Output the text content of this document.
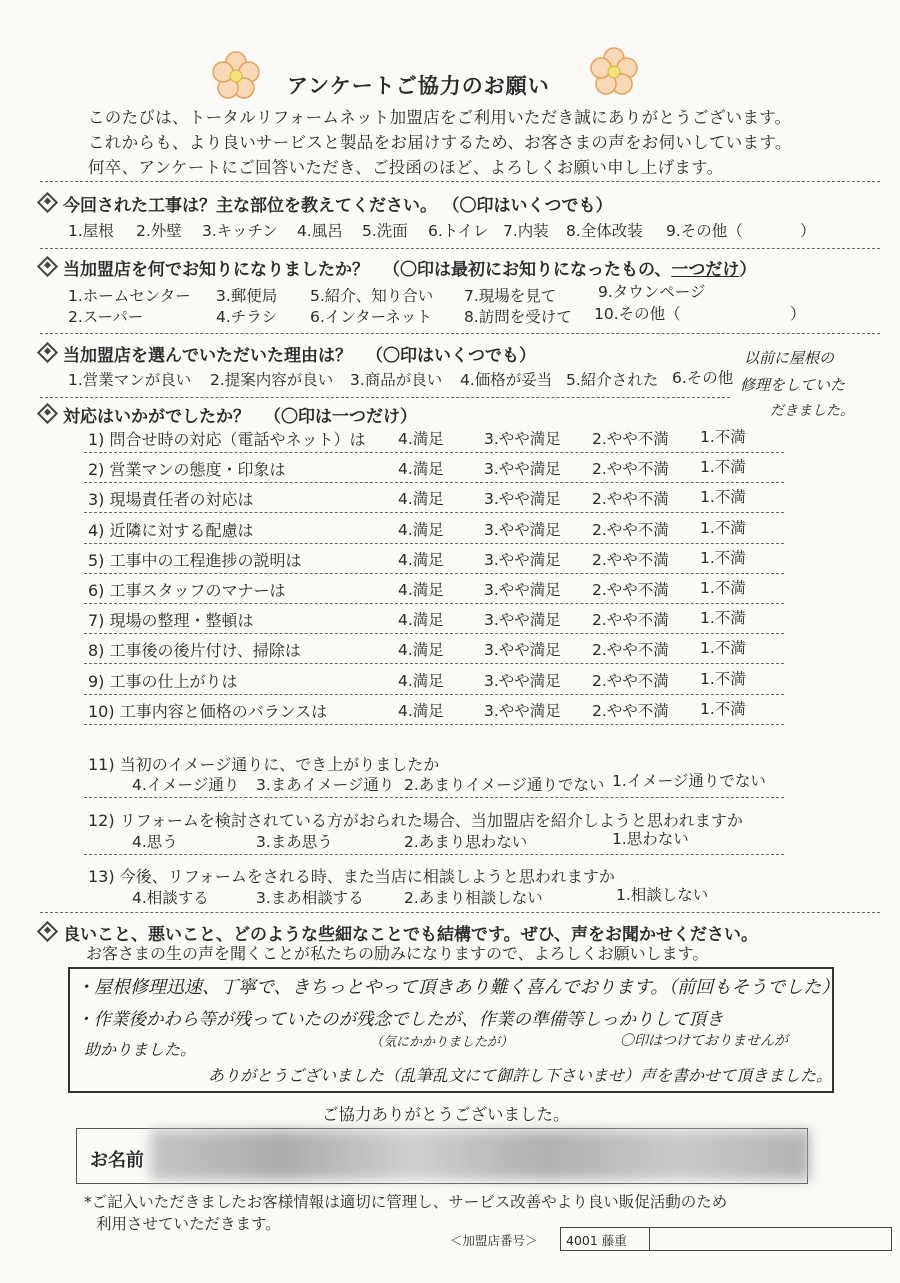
アンケートご協力のお願い
このたびは、トータルリフォームネット加盟店をご利用いただき誠にありがとうございます。
これからも、より良いサービスと製品をお届けするため、お客さまの声をお伺いしています。
何卒、アンケートにご回答いただき、ご投函のほど、よろしくお願い申し上げます。
今回された工事は？主な部位を教えてください。 （〇印はいくつでも）
1.屋根 2.外壁 3.キッチン 4.風呂 5.洗面 6.トイレ 7.内装 8.全体改装 9.その他（	）
当加盟店を何でお知りになりましたか？ （〇印は最初にお知りになったもの、一つだけ）
1.ホームセンター 3.郵便局 5.紹介、知り合い 7.現場を見て	9.タウンページ
2.スーパー	4.チラシ 6.インターネット 8.訪問を受けて 10.その他（	）
当加盟店を選んでいただいた理由は？ （〇印はいくつでも）
1.営業マンが良い 2.提案内容が良い 3.商品が良い 4.価格が妥当 5.紹介された 6.その他
以前に屋根の
修理をしていた
だきました。
対応はいかがでしたか？ （〇印は一つだけ）
1) 問合せ時の対応（電話やネット）は 4.満足	3.やや満足 2.やや不満 1.不満
2) 営業マンの態度・印象は	4.満足	3.やや満足 2.やや不満 1.不満
3) 現場責任者の対応は	4.満足	3.やや満足 2.やや不満 1.不満
4) 近隣に対する配慮は	4.満足	3.やや満足 2.やや不満 1.不満
5) 工事中の工程進捗の説明は	4.満足	3.やや満足 2.やや不満 1.不満
6) 工事スタッフのマナーは	4.満足	3.やや満足 2.やや不満 1.不満
7) 現場の整理・整頓は	4.満足	3.やや満足 2.やや不満 1.不満
8) 工事後の後片付け、掃除は	4.満足	3.やや満足 2.やや不満 1.不満
9) 工事の仕上がりは	4.満足	3.やや満足 2.やや不満 1.不満
10) 工事内容と価格のバランスは	4.満足	3.やや満足 2.やや不満 1.不満
11) 当初のイメージ通りに、でき上がりましたか
4.イメージ通り 3.まあイメージ通り 2.あまりイメージ通りでない 1.イメージ通りでない
12) リフォームを検討されている方がおられた場合、当加盟店を紹介しようと思われますか
4.思う	3.まあ思う	2.あまり思わない	1.思わない
13) 今後、リフォームをされる時、また当店に相談しようと思われますか
4.相談する	3.まあ相談する	2.あまり相談しない	1.相談しない
良いこと、悪いこと、どのような些細なことでも結構です。ぜひ、声をお聞かせください。
お客さまの生の声を聞くことが私たちの励みになりますので、よろしくお願いします。
・屋根修理迅速、丁寧で、きちっとやって頂きあり難く喜んでおります。（前回もそうでした）
・作業後かわら等が残っていたのが残念でしたが、作業の準備等しっかりして頂き
助かりました。	（気にかかりましたが）	〇印はつけておりませんが
ありがとうございました（乱筆乱文にて御許し下さいませ）声を書かせて頂きました。
ご協力ありがとうございました。
お名前
*ご記入いただきましたお客様情報は適切に管理し、サービス改善やより良い販促活動のため
利用させていただきます。
＜加盟店番号＞ 4001 藤重
